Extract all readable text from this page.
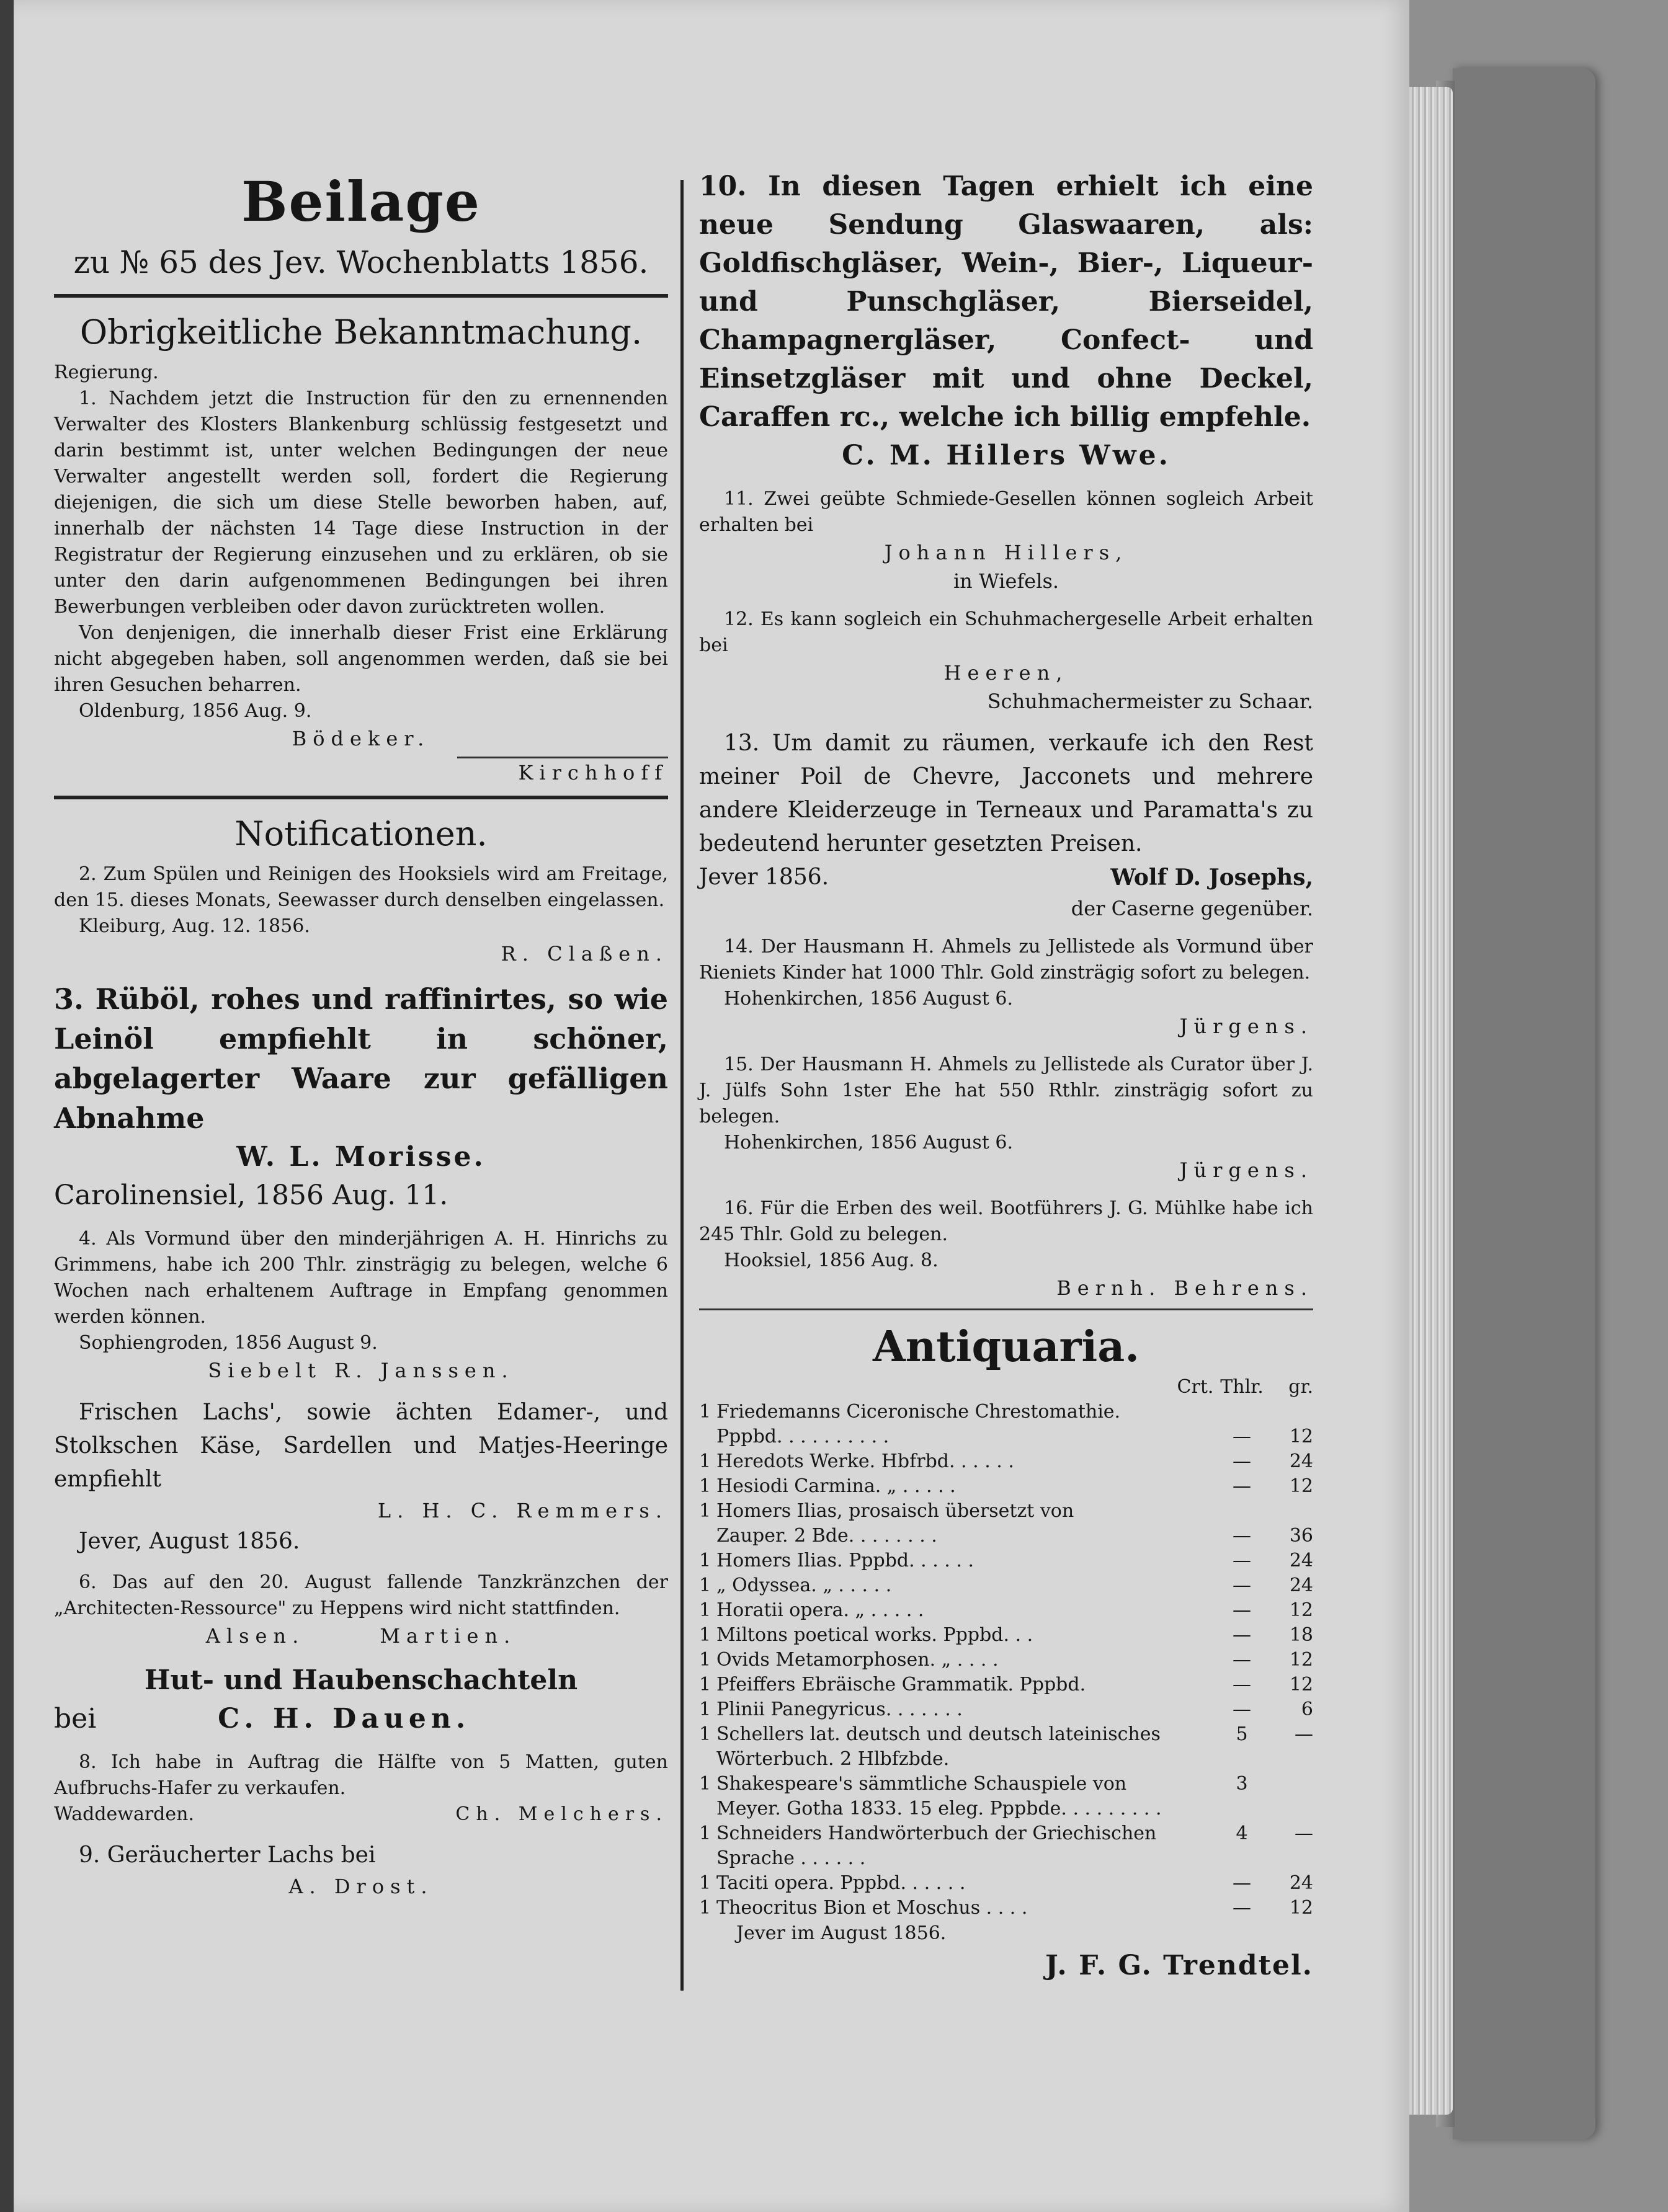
Beilage
zu № 65 des Jev. Wochenblatts 1856.
Obrigkeitliche Bekanntmachung.

Regierung.

1. Nachdem jetzt die Instruction für den zu ernennenden Verwalter des Klosters Blankenburg schlüssig festgesetzt und darin bestimmt ist, unter welchen Bedingungen der neue Verwalter angestellt werden soll, fordert die Regierung diejenigen, die sich um diese Stelle beworben haben, auf, innerhalb der nächsten 14 Tage diese Instruction in der Registratur der Regierung einzusehen und zu erklären, ob sie unter den darin aufgenommenen Bedingungen bei ihren Bewerbungen verbleiben oder davon zurücktreten wollen.

Von denjenigen, die innerhalb dieser Frist eine Erklärung nicht abgegeben haben, soll angenommen werden, daß sie bei ihren Gesuchen beharren.

Oldenburg, 1856 Aug. 9.

Bödeker.

Kirchhoff

Notificationen.

2. Zum Spülen und Reinigen des Hooksiels wird am Freitage, den 15. dieses Monats, Seewasser durch denselben eingelassen.

Kleiburg, Aug. 12. 1856.

R. Claßen.

3. Rüböl, rohes und raffinirtes, so wie Leinöl empfiehlt in schöner, abgelagerter Waare zur gefälligen Abnahme

W. L. Morisse.

Carolinensiel, 1856 Aug. 11.

4. Als Vormund über den minderjährigen A. H. Hinrichs zu Grimmens, habe ich 200 Thlr. zinsträgig zu belegen, welche 6 Wochen nach erhaltenem Auftrage in Empfang genommen werden können.

Sophiengroden, 1856 August 9.

Siebelt R. Janssen.

Frischen Lachs', sowie ächten Edamer-, und Stolkschen Käse, Sardellen und Matjes-Heeringe empfiehlt

L. H. C. Remmers.

Jever, August 1856.

6. Das auf den 20. August fallende Tanzkränzchen der „Architecten-Ressource" zu Heppens wird nicht stattfinden.

Alsen.	Martien.

Hut- und Haubenschachteln

bei	C. H. Dauen.

8. Ich habe in Auftrag die Hälfte von 5 Matten, guten Aufbruchs-Hafer zu verkaufen.

Waddewarden.	Ch. Melchers.

9. Geräucherter Lachs bei

A. Drost.

10. In diesen Tagen erhielt ich eine neue Sendung Glaswaaren, als: Goldfischgläser, Wein-, Bier-, Liqueur- und Punschgläser, Bierseidel, Champagnergläser, Confect- und Einsetzgläser mit und ohne Deckel, Caraffen rc., welche ich billig empfehle.

C. M. Hillers Wwe.

11. Zwei geübte Schmiede-Gesellen können sogleich Arbeit erhalten bei

Johann Hillers,

in Wiefels.

12. Es kann sogleich ein Schuhmachergeselle Arbeit erhalten bei

Heeren,

Schuhmachermeister zu Schaar.

13. Um damit zu räumen, verkaufe ich den Rest meiner Poil de Chevre, Jacconets und mehrere andere Kleiderzeuge in Terneaux und Paramatta's zu bedeutend herunter gesetzten Preisen.

Jever 1856.	Wolf D. Josephs,

der Caserne gegenüber.

14. Der Hausmann H. Ahmels zu Jellistede als Vormund über Rieniets Kinder hat 1000 Thlr. Gold zinsträgig sofort zu belegen.

Hohenkirchen, 1856 August 6.

Jürgens.

15. Der Hausmann H. Ahmels zu Jellistede als Curator über J. J. Jülfs Sohn 1ster Ehe hat 550 Rthlr. zinsträgig sofort zu belegen.

Hohenkirchen, 1856 August 6.

Jürgens.

16. Für die Erben des weil. Bootführers J. G. Mühlke habe ich 245 Thlr. Gold zu belegen.

Hooksiel, 1856 Aug. 8.

Bernh. Behrens.

Antiquaria.
		Crt.	Thlr.	gr.
1	Friedemanns Ciceronische Chrestomathie.			
	Pppbd. . . . . . . . . .		—	12
1	Heredots Werke. Hbfrbd. . . . . .		—	24
1	Hesiodi Carmina. „ . . . . .		—	12
1	Homers Ilias, prosaisch übersetzt von			
	Zauper. 2 Bde. . . . . . . .		—	36
1	Homers Ilias. Pppbd. . . . . .		—	24
1	„ Odyssea. „ . . . . .		—	24
1	Horatii opera. „ . . . . .		—	12
1	Miltons poetical works. Pppbd. . .		—	18
1	Ovids Metamorphosen. „ . . . .		—	12
1	Pfeiffers Ebräische Grammatik. Pppbd.		—	12
1	Plinii Panegyricus. . . . . . .		—	6
1	Schellers lat. deutsch und deutsch lateinisches Wörterbuch. 2 Hlbfzbde.		5	—
1	Shakespeare's sämmtliche Schauspiele von Meyer. Gotha 1833. 15 eleg. Pppbde. . . . . . . . .		3	
1	Schneiders Handwörterbuch der Griechischen Sprache . . . . . .		4	—
1	Taciti opera. Pppbd. . . . . .		—	24
1	Theocritus Bion et Moschus . . . .		—	12

Jever im August 1856.

J. F. G. Trendtel.
